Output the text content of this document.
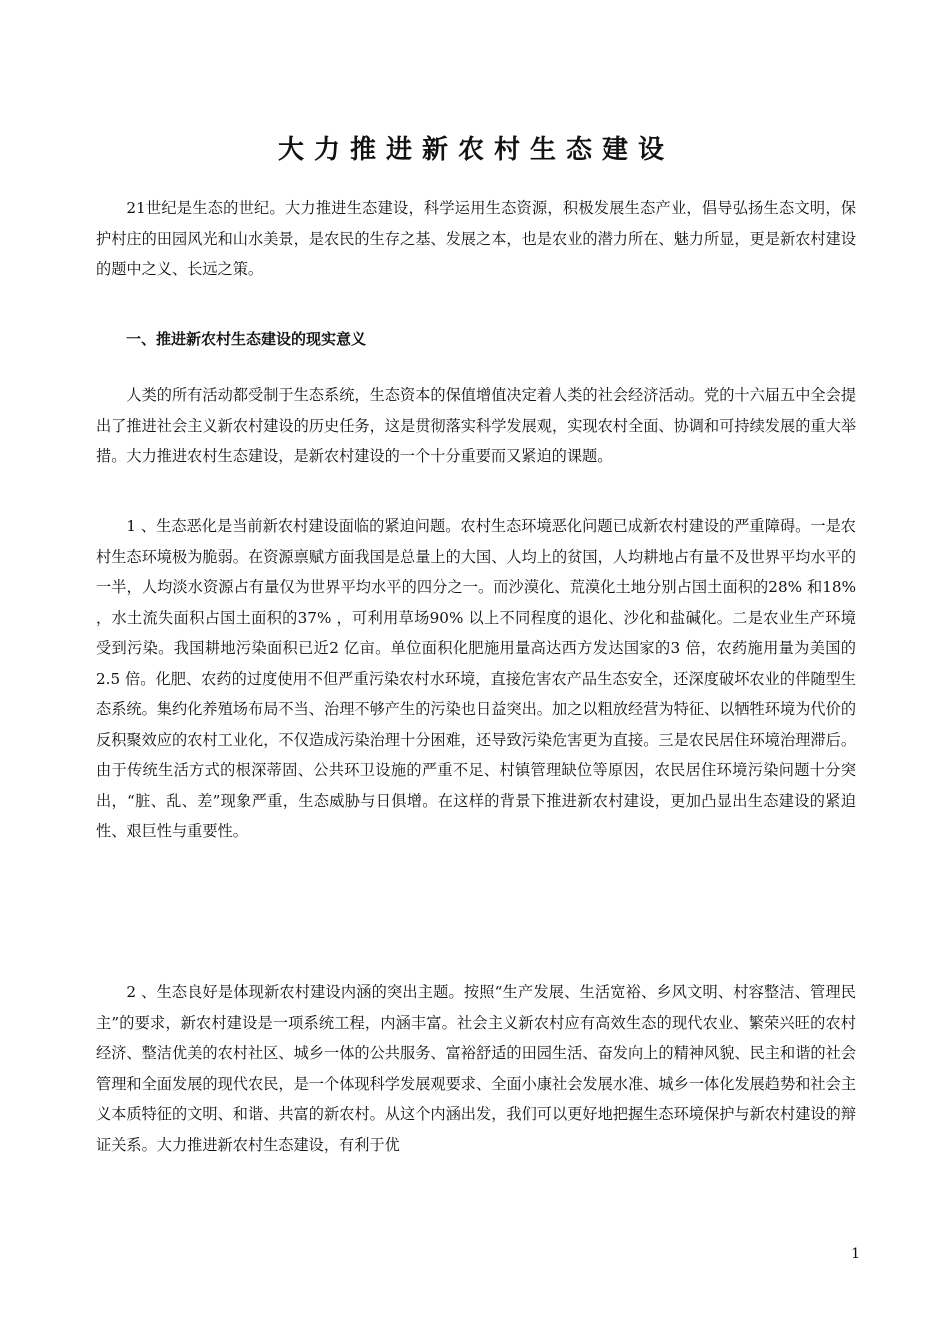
大力推进新农村生态建设

21世纪是生态的世纪。大力推进生态建设，科学运用生态资源，积极发展生态产业，倡导弘扬生态文明，保护村庄的田园风光和山水美景，是农民的生存之基、发展之本，也是农业的潜力所在、魅力所显，更是新农村建设的题中之义、长远之策。

一、推进新农村生态建设的现实意义

人类的所有活动都受制于生态系统，生态资本的保值增值决定着人类的社会经济活动。党的十六届五中全会提出了推进社会主义新农村建设的历史任务，这是贯彻落实科学发展观，实现农村全面、协调和可持续发展的重大举措。大力推进农村生态建设，是新农村建设的一个十分重要而又紧迫的课题。

1 、生态恶化是当前新农村建设面临的紧迫问题。农村生态环境恶化问题已成新农村建设的严重障碍。一是农村生态环境极为脆弱。在资源禀赋方面我国是总量上的大国、人均上的贫国，人均耕地占有量不及世界平均水平的一半，人均淡水资源占有量仅为世界平均水平的四分之一。而沙漠化、荒漠化土地分别占国土面积的28% 和18% ，水土流失面积占国土面积的37% ，可利用草场90% 以上不同程度的退化、沙化和盐碱化。二是农业生产环境受到污染。我国耕地污染面积已近2 亿亩。单位面积化肥施用量高达西方发达国家的3 倍，农药施用量为美国的2.5 倍。化肥、农药的过度使用不但严重污染农村水环境，直接危害农产品生态安全，还深度破坏农业的伴随型生态系统。集约化养殖场布局不当、治理不够产生的污染也日益突出。加之以粗放经营为特征、以牺牲环境为代价的反积聚效应的农村工业化，不仅造成污染治理十分困难，还导致污染危害更为直接。三是农民居住环境治理滞后。由于传统生活方式的根深蒂固、公共环卫设施的严重不足、村镇管理缺位等原因，农民居住环境污染问题十分突出，“脏、乱、差”现象严重，生态威胁与日俱增。在这样的背景下推进新农村建设，更加凸显出生态建设的紧迫性、艰巨性与重要性。

2 、生态良好是体现新农村建设内涵的突出主题。按照“生产发展、生活宽裕、乡风文明、村容整洁、管理民主”的要求，新农村建设是一项系统工程，内涵丰富。社会主义新农村应有高效生态的现代农业、繁荣兴旺的农村经济、整洁优美的农村社区、城乡一体的公共服务、富裕舒适的田园生活、奋发向上的精神风貌、民主和谐的社会管理和全面发展的现代农民，是一个体现科学发展观要求、全面小康社会发展水准、城乡一体化发展趋势和社会主义本质特征的文明、和谐、共富的新农村。从这个内涵出发，我们可以更好地把握生态环境保护与新农村建设的辩证关系。大力推进新农村生态建设，有利于优

1
